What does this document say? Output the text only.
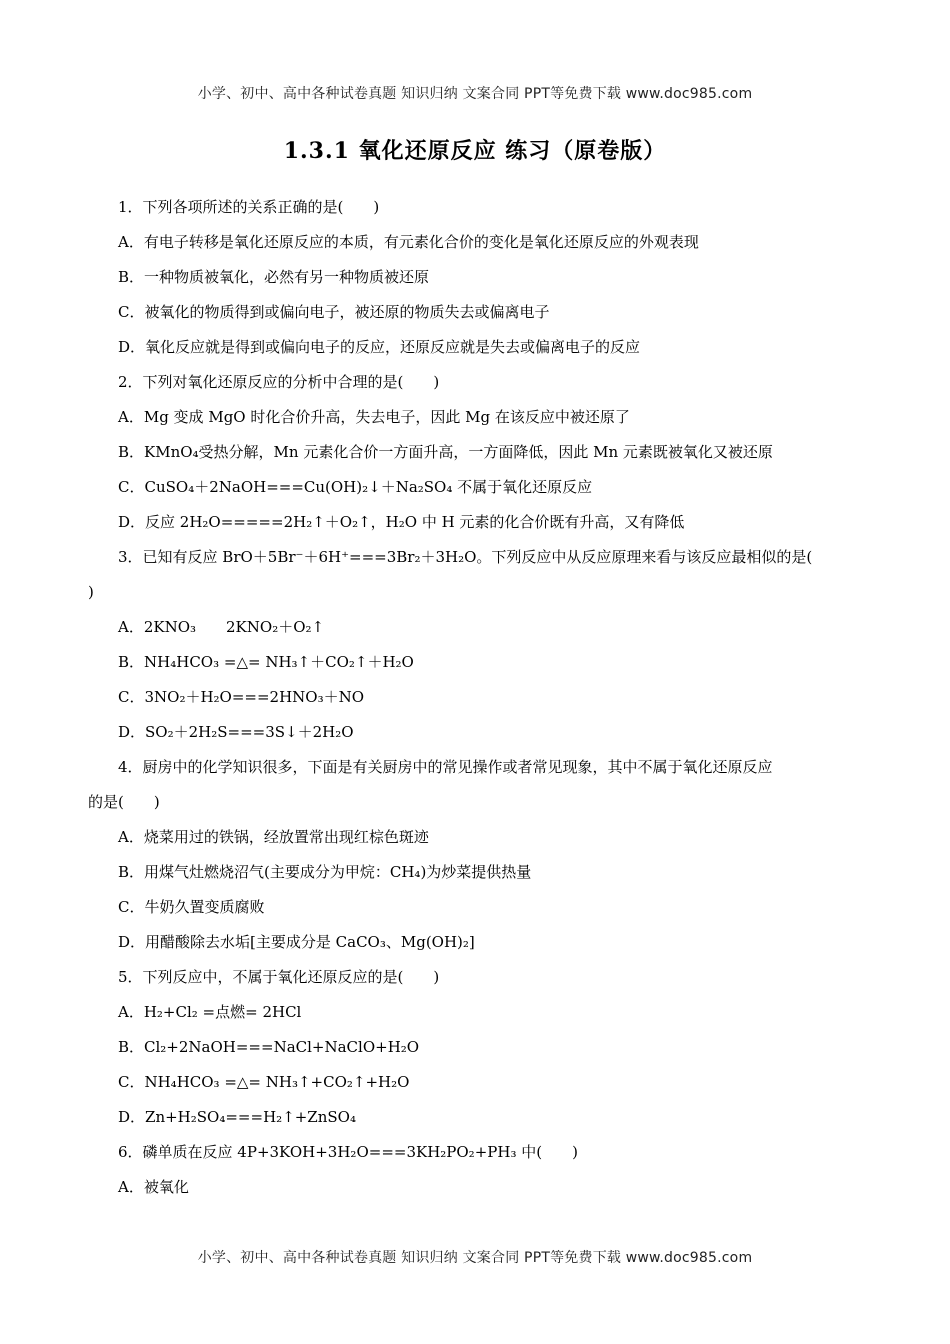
小学、初中、高中各种试卷真题 知识归纳 文案合同 PPT等免费下载 www.doc985.com
1.3.1 氧化还原反应 练习（原卷版）
1．下列各项所述的关系正确的是(　　)
A．有电子转移是氧化还原反应的本质，有元素化合价的变化是氧化还原反应的外观表现
B．一种物质被氧化，必然有另一种物质被还原
C．被氧化的物质得到或偏向电子，被还原的物质失去或偏离电子
D．氧化反应就是得到或偏向电子的反应，还原反应就是失去或偏离电子的反应
2．下列对氧化还原反应的分析中合理的是(　　)
A．Mg 变成 MgO 时化合价升高，失去电子，因此 Mg 在该反应中被还原了
B．KMnO₄受热分解，Mn 元素化合价一方面升高，一方面降低，因此 Mn 元素既被氧化又被还原
C．CuSO₄＋2NaOH===Cu(OH)₂↓＋Na₂SO₄ 不属于氧化还原反应
D．反应 2H₂O=====2H₂↑＋O₂↑，H₂O 中 H 元素的化合价既有升高，又有降低
3．已知有反应 BrO＋5Br⁻＋6H⁺===3Br₂＋3H₂O。下列反应中从反应原理来看与该反应最相似的是(
)
A．2KNO₃　　2KNO₂＋O₂↑
B．NH₄HCO₃ =△= NH₃↑＋CO₂↑＋H₂O
C．3NO₂＋H₂O===2HNO₃＋NO
D．SO₂＋2H₂S===3S↓＋2H₂O
4．厨房中的化学知识很多，下面是有关厨房中的常见操作或者常见现象，其中不属于氧化还原反应
的是(　　)
A．烧菜用过的铁锅，经放置常出现红棕色斑迹
B．用煤气灶燃烧沼气(主要成分为甲烷：CH₄)为炒菜提供热量
C．牛奶久置变质腐败
D．用醋酸除去水垢[主要成分是 CaCO₃、Mg(OH)₂]
5．下列反应中，不属于氧化还原反应的是(　　)
A．H₂+Cl₂ =点燃= 2HCl
B．Cl₂+2NaOH===NaCl+NaClO+H₂O
C．NH₄HCO₃ =△= NH₃↑+CO₂↑+H₂O
D．Zn+H₂SO₄===H₂↑+ZnSO₄
6．磷单质在反应 4P+3KOH+3H₂O===3KH₂PO₂+PH₃ 中(　　)
A．被氧化
小学、初中、高中各种试卷真题 知识归纳 文案合同 PPT等免费下载 www.doc985.com
